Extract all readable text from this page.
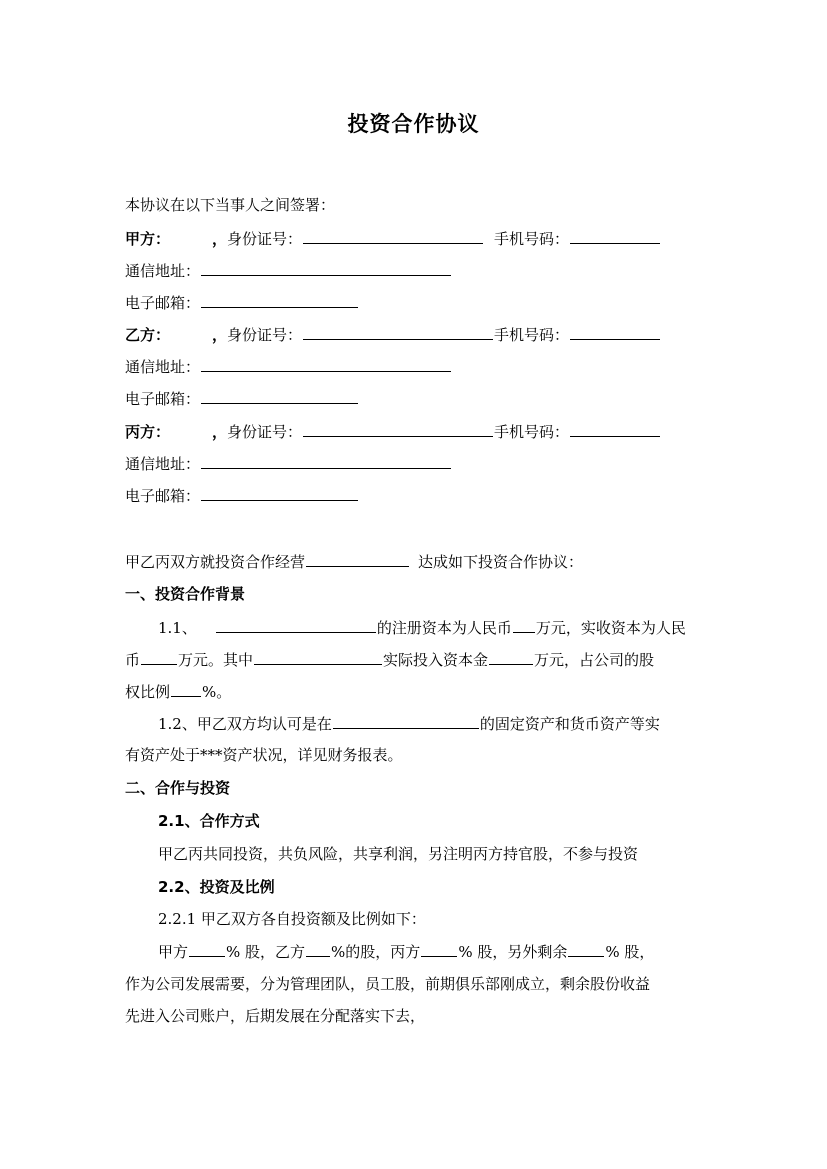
投资合作协议
本协议在以下当事人之间签署：
甲方：	，身份证号：	手机号码：
通信地址：
电子邮箱：
乙方：	，身份证号：	手机号码：
通信地址：
电子邮箱：
丙方：	，身份证号：	手机号码：
通信地址：
电子邮箱：
甲乙丙双方就投资合作经营	达成如下投资合作协议：
一、投资合作背景
1.1、	的注册资本为人民币 万元，实收资本为人民
币	万元。其中	实际投入资本金	万元，占公司的股
权比例 %。
1.2、甲乙双方均认可是在	的固定资产和货币资产等实
有资产处于***资产状况，详见财务报表。
二、合作与投资
2.1、合作方式
甲乙丙共同投资，共负风险，共享利润，另注明丙方持官股，不参与投资
2.2、投资及比例
2.2.1 甲乙双方各自投资额及比例如下：
甲方	% 股，乙方 %的股，丙方	% 股，另外剩余	% 股，
作为公司发展需要，分为管理团队，员工股，前期俱乐部刚成立，剩余股份收益
先进入公司账户，后期发展在分配落实下去，
